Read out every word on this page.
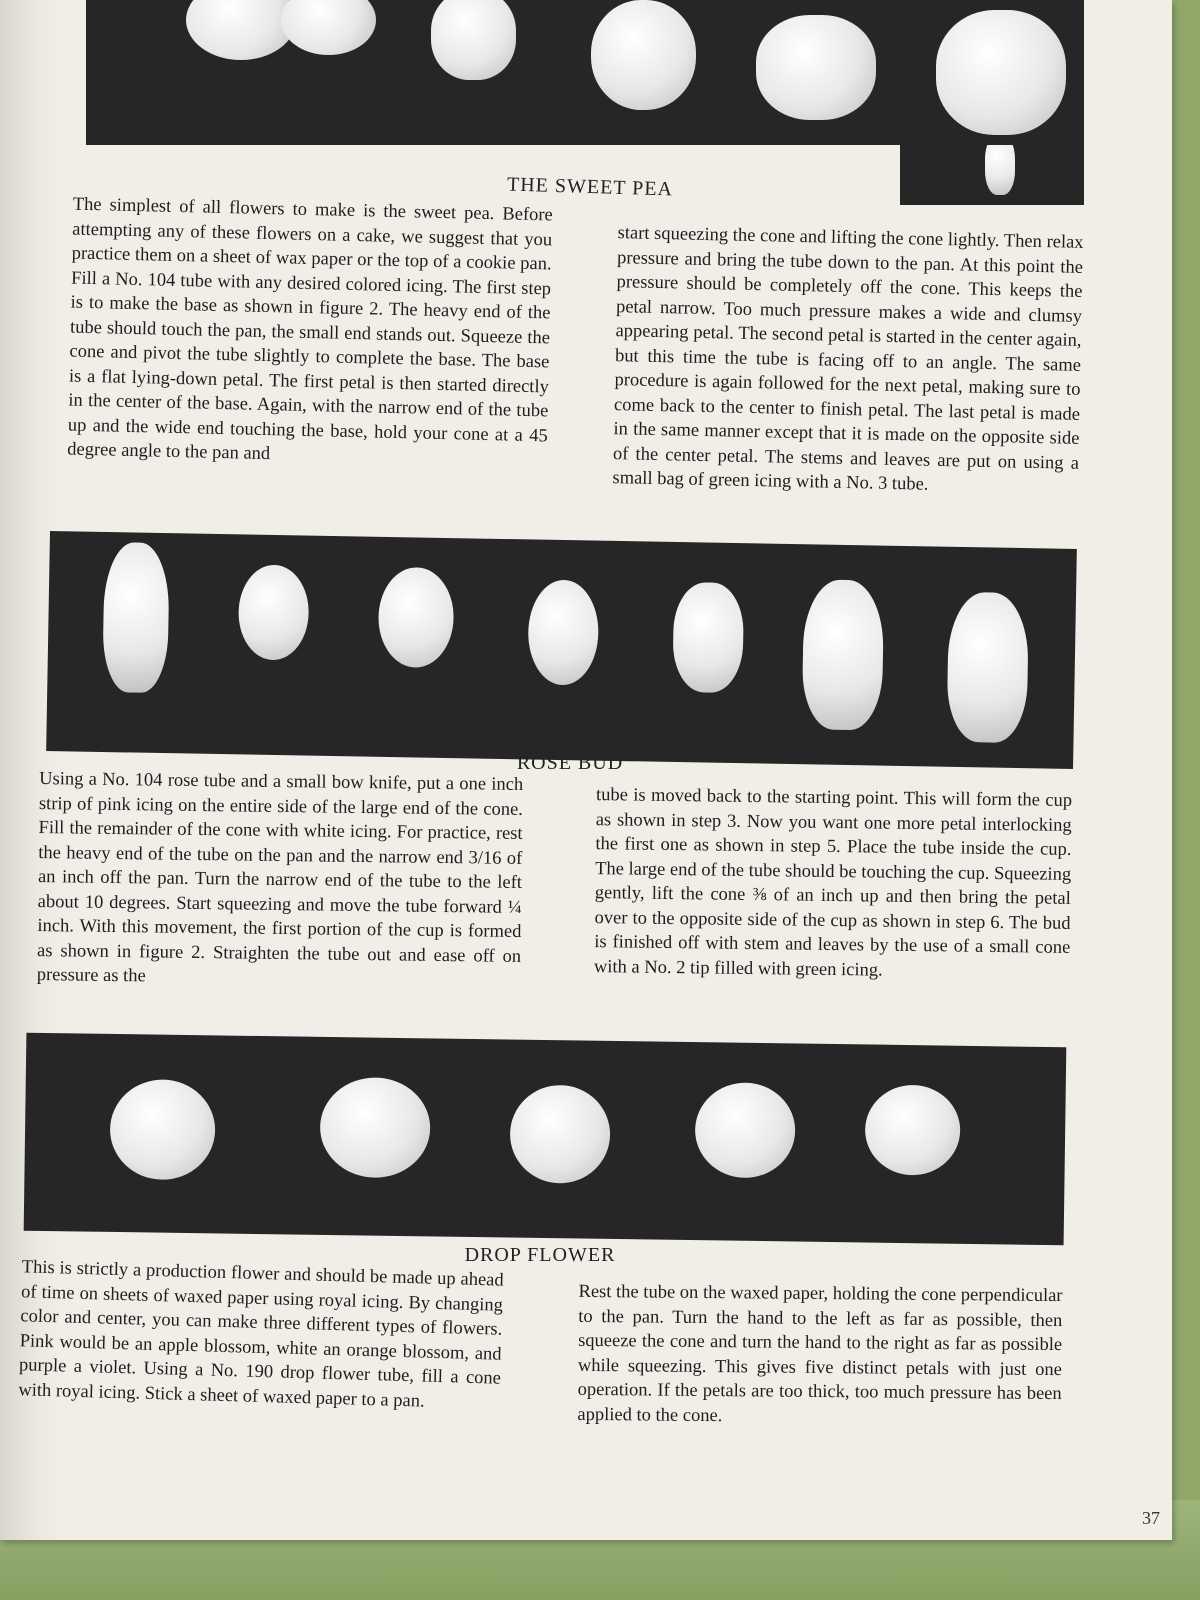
THE SWEET PEA

The simplest of all flowers to make is the sweet pea. Before attempting any of these flowers on a cake, we suggest that you practice them on a sheet of wax paper or the top of a cookie pan. Fill a No. 104 tube with any desired colored icing. The first step is to make the base as shown in figure 2. The heavy end of the tube should touch the pan, the small end stands out. Squeeze the cone and pivot the tube slightly to complete the base. The base is a flat lying-down petal. The first petal is then started directly in the center of the base. Again, with the narrow end of the tube up and the wide end touching the base, hold your cone at a 45 degree angle to the pan and

start squeezing the cone and lifting the cone lightly. Then relax pressure and bring the tube down to the pan. At this point the pressure should be completely off the cone. This keeps the petal narrow. Too much pressure makes a wide and clumsy appearing petal. The second petal is started in the center again, but this time the tube is facing off to an angle. The same procedure is again followed for the next petal, making sure to come back to the center to finish petal. The last petal is made in the same manner except that it is made on the opposite side of the center petal. The stems and leaves are put on using a small bag of green icing with a No. 3 tube.

ROSE BUD

Using a No. 104 rose tube and a small bow knife, put a one inch strip of pink icing on the entire side of the large end of the cone. Fill the remainder of the cone with white icing. For practice, rest the heavy end of the tube on the pan and the narrow end 3/16 of an inch off the pan. Turn the narrow end of the tube to the left about 10 degrees. Start squeezing and move the tube forward ¼ inch. With this movement, the first portion of the cup is formed as shown in figure 2. Straighten the tube out and ease off on pressure as the

tube is moved back to the starting point. This will form the cup as shown in step 3. Now you want one more petal interlocking the first one as shown in step 5. Place the tube inside the cup. The large end of the tube should be touching the cup. Squeezing gently, lift the cone ⅜ of an inch up and then bring the petal over to the opposite side of the cup as shown in step 6. The bud is finished off with stem and leaves by the use of a small cone with a No. 2 tip filled with green icing.

DROP FLOWER

This is strictly a production flower and should be made up ahead of time on sheets of waxed paper using royal icing. By changing color and center, you can make three different types of flowers. Pink would be an apple blossom, white an orange blossom, and purple a violet. Using a No. 190 drop flower tube, fill a cone with royal icing. Stick a sheet of waxed paper to a pan.

Rest the tube on the waxed paper, holding the cone perpendicular to the pan. Turn the hand to the left as far as possible, then squeeze the cone and turn the hand to the right as far as possible while squeezing. This gives five distinct petals with just one operation. If the petals are too thick, too much pressure has been applied to the cone.

37
